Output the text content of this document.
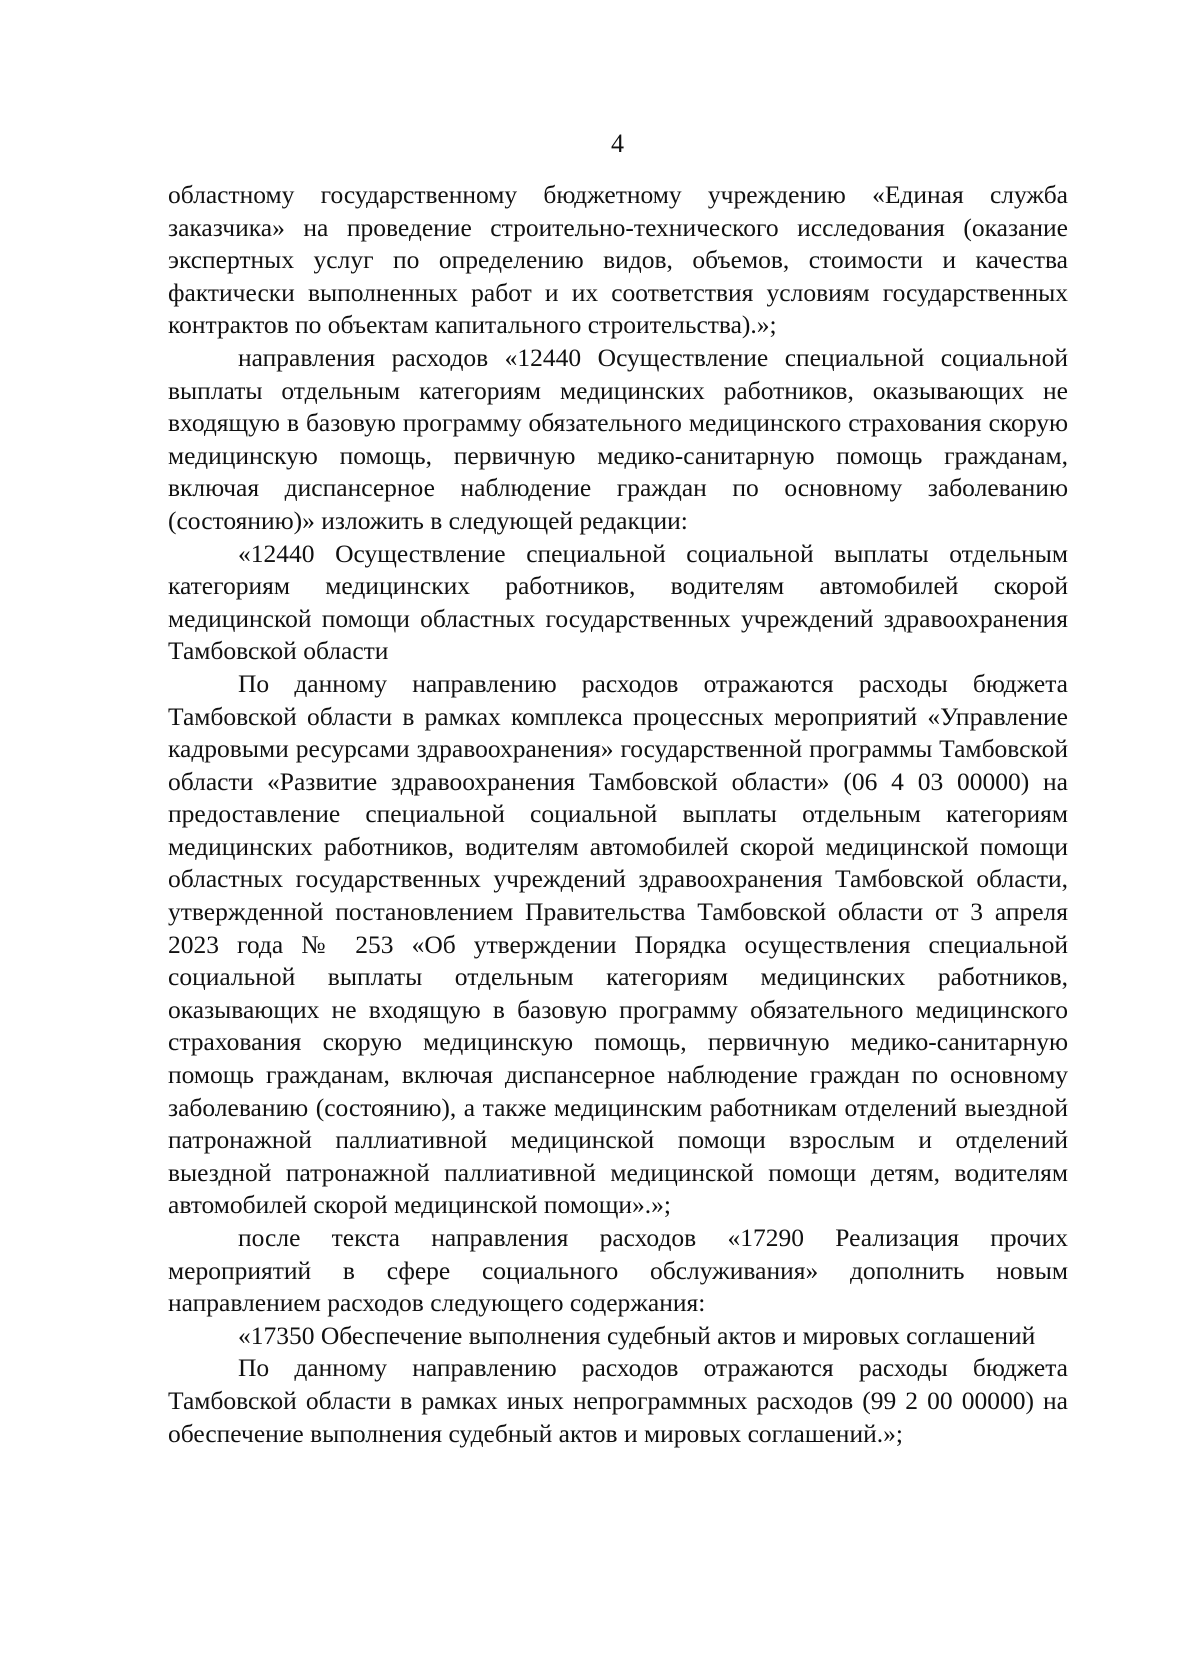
4

областному государственному бюджетному учреждению «Единая служба заказчика» на проведение строительно-технического исследования (оказание экспертных услуг по определению видов, объемов, стоимости и качества фактически выполненных работ и их соответствия условиям государственных контрактов по объектам капитального строительства).»;

направления расходов «12440 Осуществление специальной социальной выплаты отдельным категориям медицинских работников, оказывающих не входящую в базовую программу обязательного медицинского страхования скорую медицинскую помощь, первичную медико-санитарную помощь гражданам, включая диспансерное наблюдение граждан по основному заболеванию (состоянию)» изложить в следующей редакции:

«12440 Осуществление специальной социальной выплаты отдельным категориям медицинских работников, водителям автомобилей скорой медицинской помощи областных государственных учреждений здравоохранения Тамбовской области

По данному направлению расходов отражаются расходы бюджета Тамбовской области в рамках комплекса процессных мероприятий «Управление кадровыми ресурсами здравоохранения» государственной программы Тамбовской области «Развитие здравоохранения Тамбовской области» (06 4 03 00000) на предоставление специальной социальной выплаты отдельным категориям медицинских работников, водителям автомобилей скорой медицинской помощи областных государственных учреждений здравоохранения Тамбовской области, утвержденной постановлением Правительства Тамбовской области от 3 апреля 2023 года № 253 «Об утверждении Порядка осуществления специальной социальной выплаты отдельным категориям медицинских работников, оказывающих не входящую в базовую программу обязательного медицинского страхования скорую медицинскую помощь, первичную медико-санитарную помощь гражданам, включая диспансерное наблюдение граждан по основному заболеванию (состоянию), а также медицинским работникам отделений выездной патронажной паллиативной медицинской помощи взрослым и отделений выездной патронажной паллиативной медицинской помощи детям, водителям автомобилей скорой медицинской помощи».»;

после текста направления расходов «17290 Реализация прочих мероприятий в сфере социального обслуживания» дополнить новым направлением расходов следующего содержания:

«17350 Обеспечение выполнения судебный актов и мировых соглашений

По данному направлению расходов отражаются расходы бюджета Тамбовской области в рамках иных непрограммных расходов (99 2 00 00000) на обеспечение выполнения судебный актов и мировых соглашений.»;
